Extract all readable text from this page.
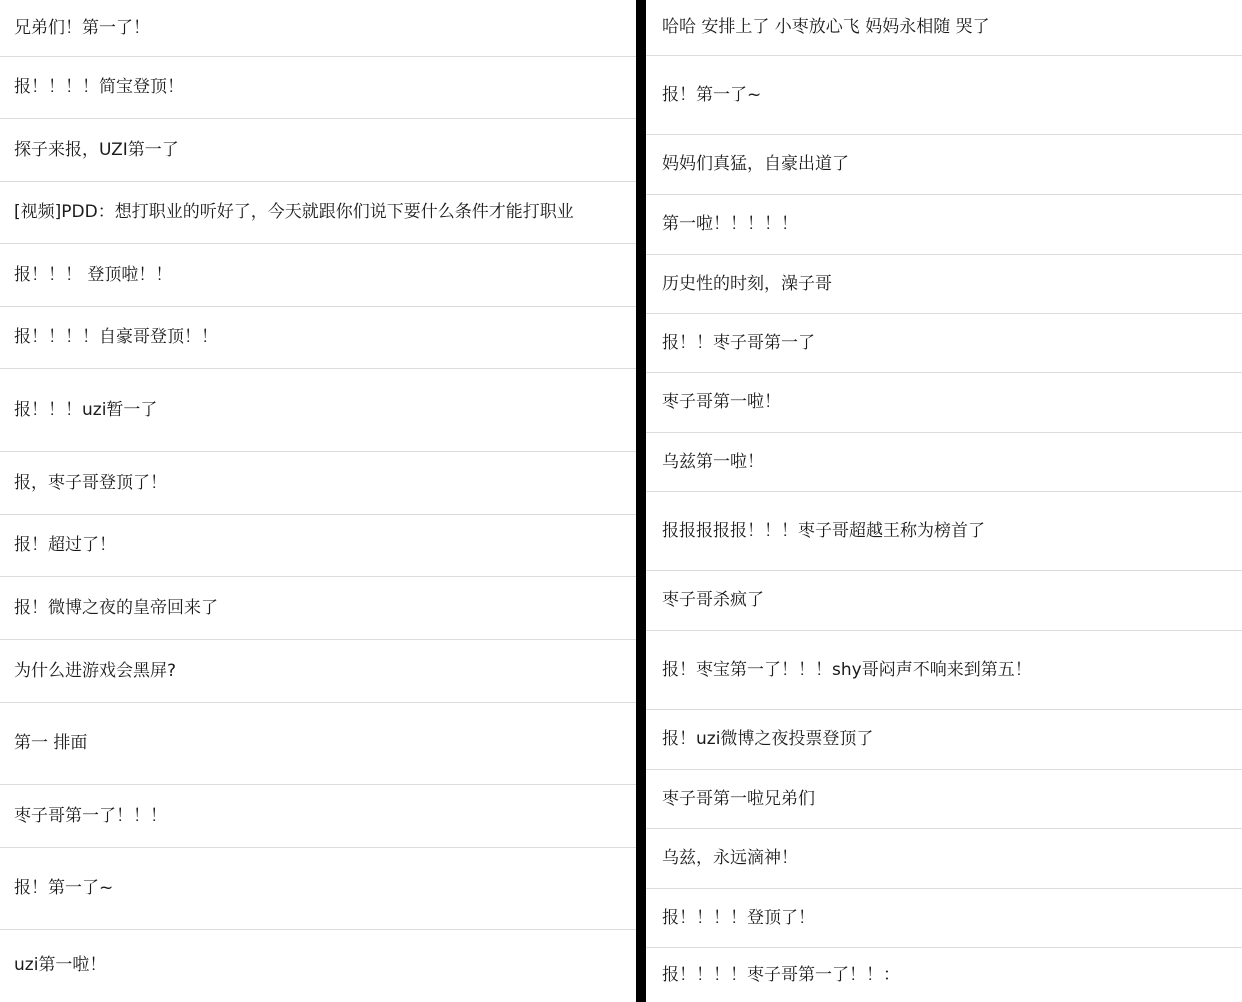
兄弟们！第一了！
报！！！！简宝登顶！
探子来报，UZI第一了
[视频]PDD：想打职业的听好了，今天就跟你们说下要什么条件才能打职业
报！！！ 登顶啦！！
报！！！！自豪哥登顶！！
报！！！uzi暂一了
报，枣子哥登顶了！
报！超过了！
报！微博之夜的皇帝回来了
为什么进游戏会黑屏?
第一 排面
枣子哥第一了！！！
报！第一了~
uzi第一啦！
哈哈 安排上了 小枣放心飞 妈妈永相随 哭了
报！第一了~
妈妈们真猛，自豪出道了
第一啦！！！！！
历史性的时刻，澡子哥
报！！枣子哥第一了
枣子哥第一啦！
乌兹第一啦！
报报报报报！！！枣子哥超越王称为榜首了
枣子哥杀疯了
报！枣宝第一了！！！shy哥闷声不响来到第五！
报！uzi微博之夜投票登顶了
枣子哥第一啦兄弟们
乌兹，永远滴神！
报！！！！登顶了！
报！！！！枣子哥第一了！！：
